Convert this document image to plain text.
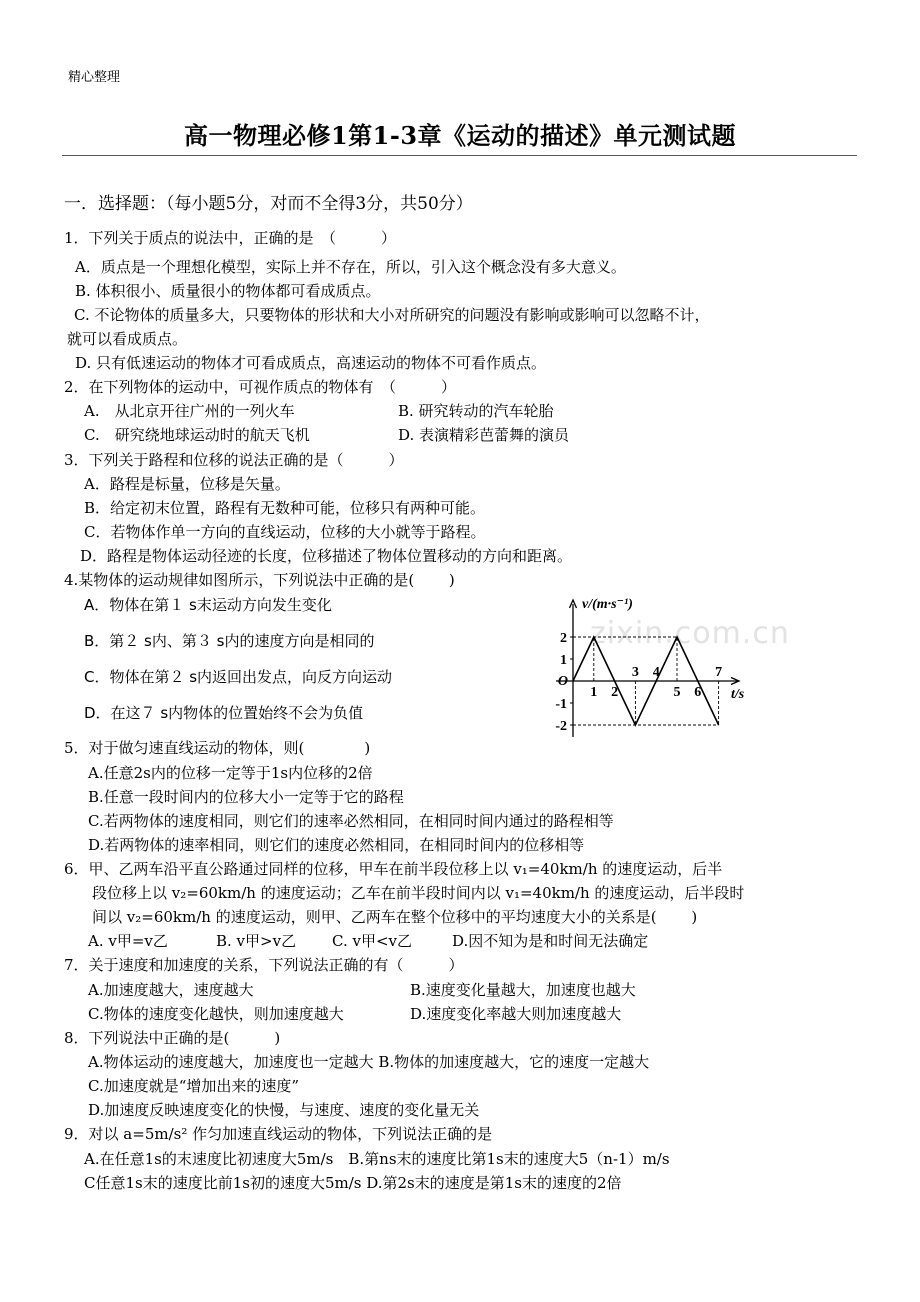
精心整理
高一物理必修1第1-3章《运动的描述》单元测试题
zixin.com.cn
一．选择题：（每小题5分，对而不全得3分，共50分）
1．下列关于质点的说法中，正确的是　（　　　）
A．质点是一个理想化模型，实际上并不存在，所以，引入这个概念没有多大意义。
B. 体积很小、质量很小的物体都可看成质点。
C. 不论物体的质量多大，只要物体的形状和大小对所研究的问题没有影响或影响可以忽略不计，
就可以看成质点。
D. 只有低速运动的物体才可看成质点，高速运动的物体不可看作质点。
2．在下列物体的运动中，可视作质点的物体有　（　　　）
A.　从北京开往广州的一列火车	B. 研究转动的汽车轮胎
C.　研究绕地球运动时的航天飞机	D. 表演精彩芭蕾舞的演员
3．下列关于路程和位移的说法正确的是（　　　）
A．路程是标量，位移是矢量。
B．给定初末位置，路程有无数种可能，位移只有两种可能。
C．若物体作单一方向的直线运动，位移的大小就等于路程。
D．路程是物体运动径迹的长度，位移描述了物体位置移动的方向和距离。
4.某物体的运动规律如图所示，下列说法中正确的是(　　 )
A．物体在第１ s末运动方向发生变化
B．第２ s内、第３ s内的速度方向是相同的
C．物体在第２ s内返回出发点，向反方向运动
D．在这７ s内物体的位置始终不会为负值
2
1
-1
-2
1 2
3 4
5 6
7
v/(m·s⁻¹)
t/s
O
5．对于做匀速直线运动的物体，则(　　　　)
A.任意2s内的位移一定等于1s内位移的2倍
B.任意一段时间内的位移大小一定等于它的路程
C.若两物体的速度相同，则它们的速率必然相同，在相同时间内通过的路程相等
D.若两物体的速率相同，则它们的速度必然相同，在相同时间内的位移相等
6．甲、乙两车沿平直公路通过同样的位移，甲车在前半段位移上以 v₁=40km/h 的速度运动，后半
段位移上以 v₂=60km/h 的速度运动；乙车在前半段时间内以 v₁=40km/h 的速度运动，后半段时
间以 v₂=60km/h 的速度运动，则甲、乙两车在整个位移中的平均速度大小的关系是(　　 )
A. v甲=v乙	B. v甲>v乙 C. v甲<v乙	D.因不知为是和时间无法确定
7．关于速度和加速度的关系，下列说法正确的有（　　　）
A.加速度越大，速度越大	B.速度变化量越大，加速度也越大
C.物体的速度变化越快，则加速度越大	D.速度变化率越大则加速度越大
8．下列说法中正确的是(　　　)
A.物体运动的速度越大，加速度也一定越大 B.物体的加速度越大，它的速度一定越大
C.加速度就是“增加出来的速度”
D.加速度反映速度变化的快慢，与速度、速度的变化量无关
9．对以 a=5m/s² 作匀加速直线运动的物体，下列说法正确的是
A.在任意1s的末速度比初速度大5m/s　B.第ns末的速度比第1s末的速度大5（n-1）m/s
C任意1s末的速度比前1s初的速度大5m/s D.第2s末的速度是第1s末的速度的2倍
